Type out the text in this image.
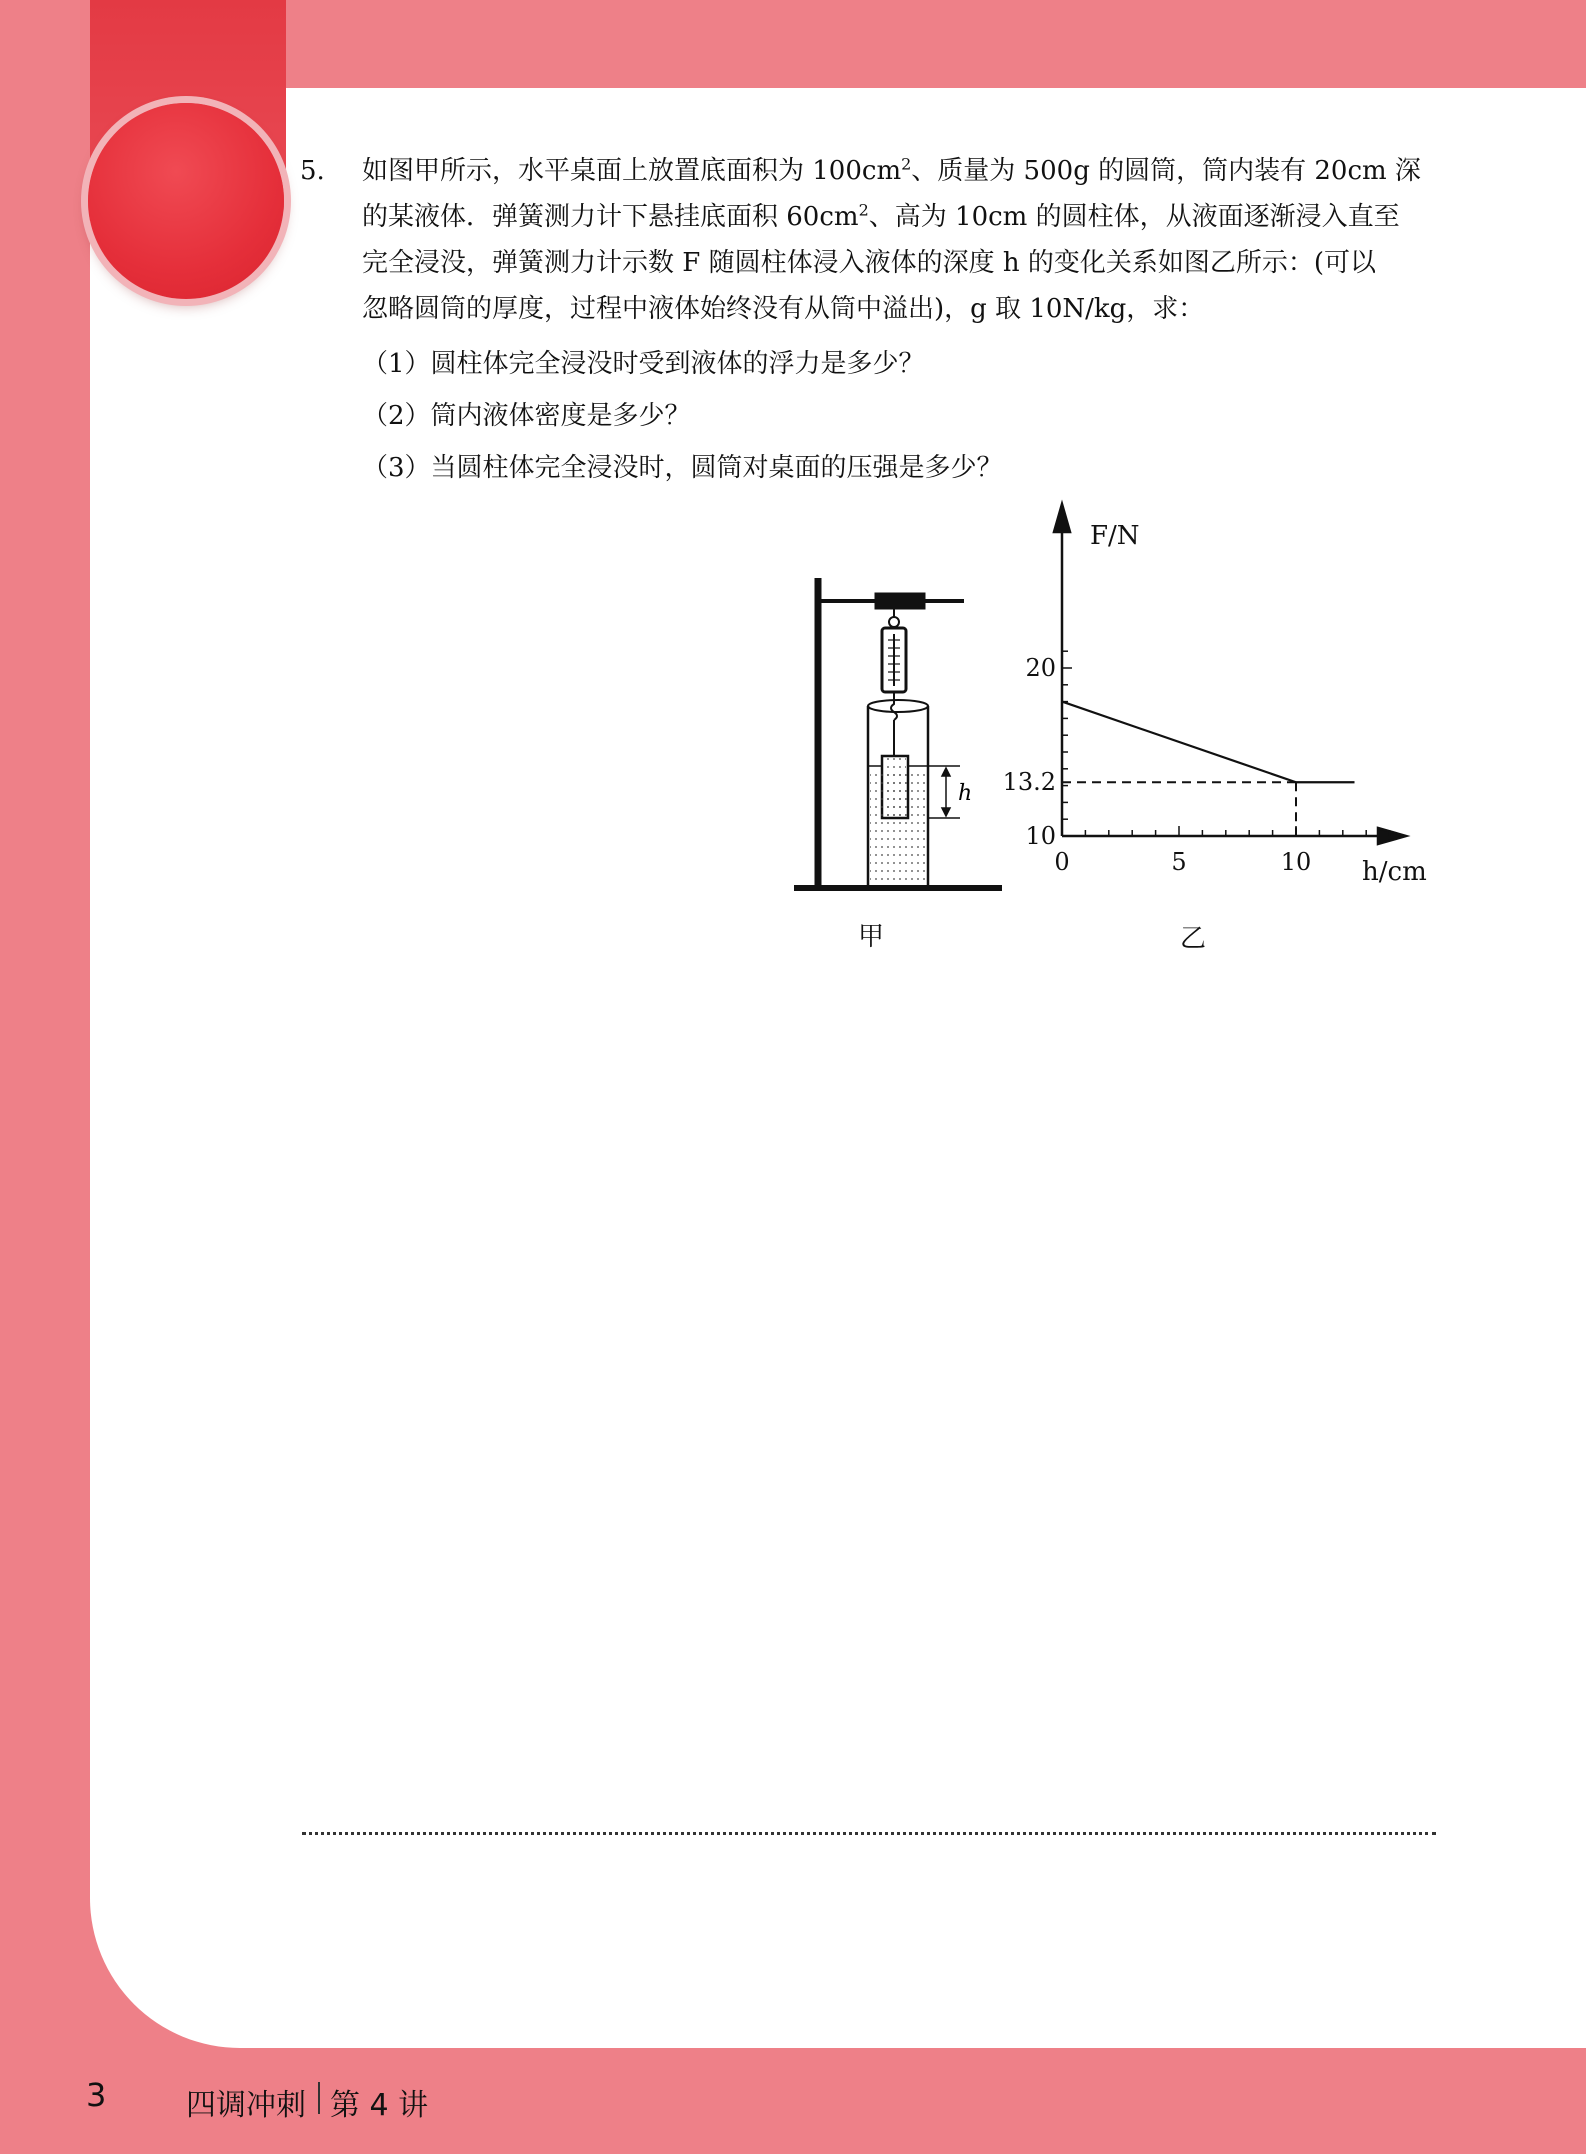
5. 如图甲所示，水平桌面上放置底面积为 $100cm^2$、质量为 500g 的圆筒，筒内装有 20cm 深
的某液体．弹簧测力计下悬挂底面积 $60cm^2$、高为 10cm 的圆柱体，从液面逐渐浸入直至
完全浸没，弹簧测力计示数 F 随圆柱体浸入液体的深度 h 的变化关系如图乙所示：(可以
忽略圆筒的厚度，过程中液体始终没有从筒中溢出)，g 取 10N/kg，求：
（1）圆柱体完全浸没时受到液体的浮力是多少？
（2）筒内液体密度是多少？
（3）当圆柱体完全浸没时，圆筒对桌面的压强是多少？
h
甲
0	5	10
10
13.2
20
F/N
h/cm
乙
3	四调冲刺 第 4 讲
